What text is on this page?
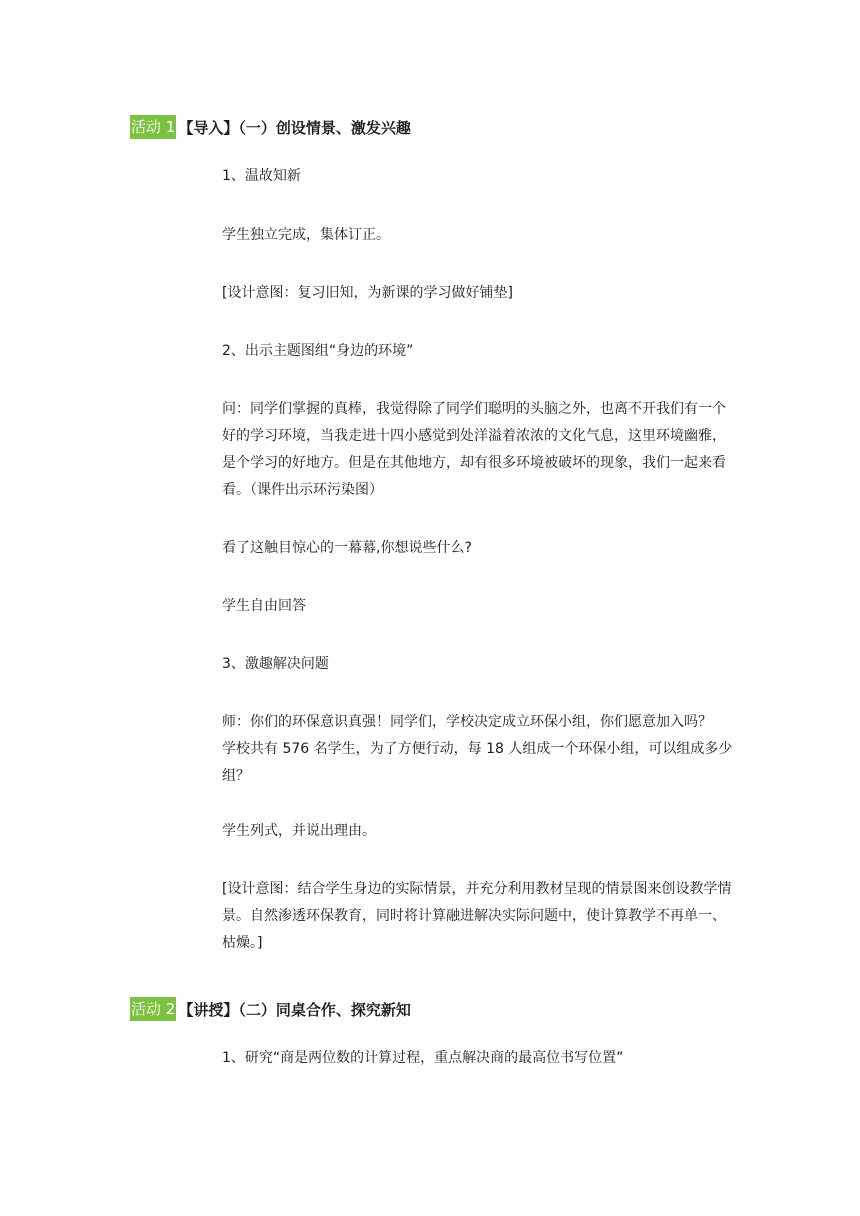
活动 1 【导入】（一）创设情景、激发兴趣

1、温故知新

学生独立完成，集体订正。

[设计意图：复习旧知，为新课的学习做好铺垫]

2、出示主题图组“身边的环境”

问：同学们掌握的真棒，我觉得除了同学们聪明的头脑之外，也离不开我们有一个好的学习环境，当我走进十四小感觉到处洋溢着浓浓的文化气息，这里环境幽雅，是个学习的好地方。但是在其他地方，却有很多环境被破坏的现象，我们一起来看看。（课件出示环污染图）

看了这触目惊心的一幕幕,你想说些什么?

学生自由回答

3、激趣解决问题

师：你们的环保意识真强！同学们，学校决定成立环保小组，你们愿意加入吗？　学校共有 576 名学生，为了方便行动，每 18 人组成一个环保小组，可以组成多少组？

学生列式，并说出理由。

[设计意图：结合学生身边的实际情景，并充分利用教材呈现的情景图来创设教学情景。自然渗透环保教育，同时将计算融进解决实际问题中，使计算教学不再单一、枯燥。]

活动 2 【讲授】（二）同桌合作、探究新知

1、研究“商是两位数的计算过程，重点解决商的最高位书写位置”
